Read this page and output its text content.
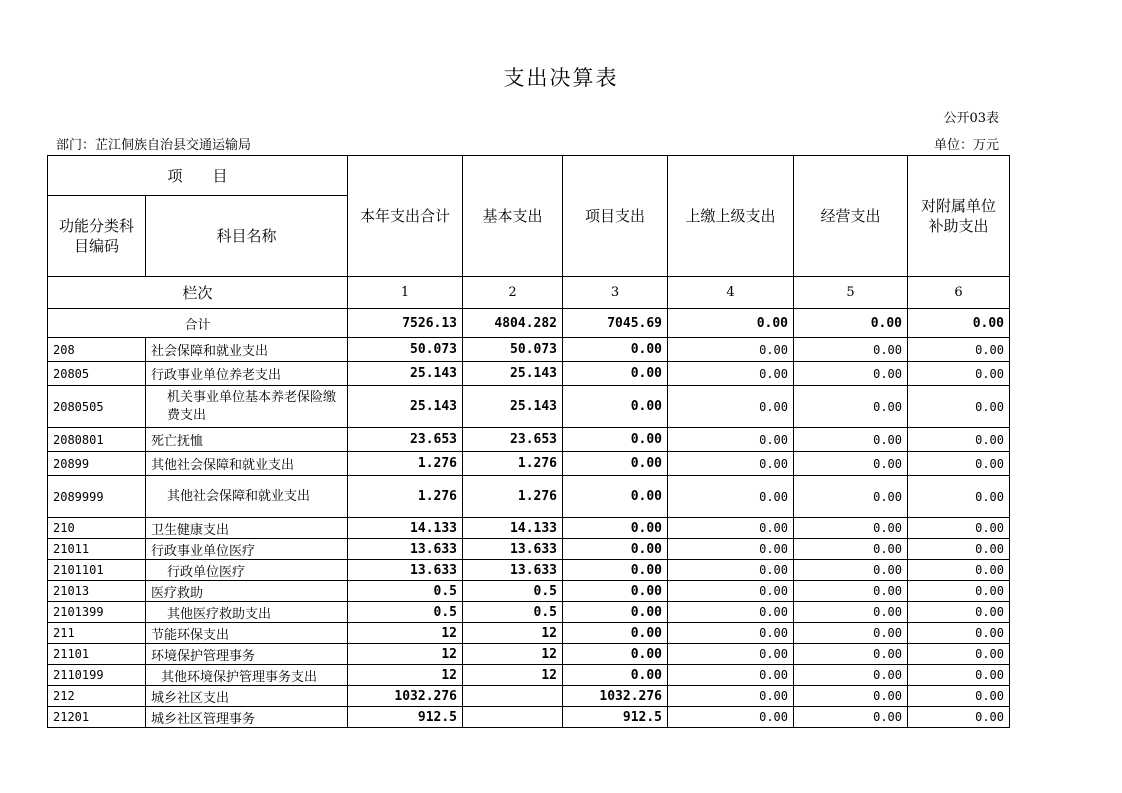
支出决算表
公开03表
部门：芷江侗族自治县交通运输局	单位：万元
项　　目		本年支出合计	基本支出	项目支出	上缴上级支出	经营支出	对附属单位补助支出
功能分类科目编码	科目名称						
栏次		1	2	3	4	5	6
合计		7526.13	4804.282	7045.69	0.00	0.00	0.00
208	社会保障和就业支出	50.073	50.073	0.00	0.00	0.00	0.00
20805	行政事业单位养老支出	25.143	25.143	0.00	0.00	0.00	0.00
2080505	机关事业单位基本养老保险缴费支出	25.143	25.143	0.00	0.00	0.00	0.00
2080801	死亡抚恤	23.653	23.653	0.00	0.00	0.00	0.00
20899	其他社会保障和就业支出	1.276	1.276	0.00	0.00	0.00	0.00
2089999	其他社会保障和就业支出	1.276	1.276	0.00	0.00	0.00	0.00
210	卫生健康支出	14.133	14.133	0.00	0.00	0.00	0.00
21011	行政事业单位医疗	13.633	13.633	0.00	0.00	0.00	0.00
2101101	行政单位医疗	13.633	13.633	0.00	0.00	0.00	0.00
21013	医疗救助	0.5	0.5	0.00	0.00	0.00	0.00
2101399	其他医疗救助支出	0.5	0.5	0.00	0.00	0.00	0.00
211	节能环保支出	12	12	0.00	0.00	0.00	0.00
21101	环境保护管理事务	12	12	0.00	0.00	0.00	0.00
2110199	其他环境保护管理事务支出	12	12	0.00	0.00	0.00	0.00
212	城乡社区支出	1032.276		1032.276	0.00	0.00	0.00
21201	城乡社区管理事务	912.5		912.5	0.00	0.00	0.00
